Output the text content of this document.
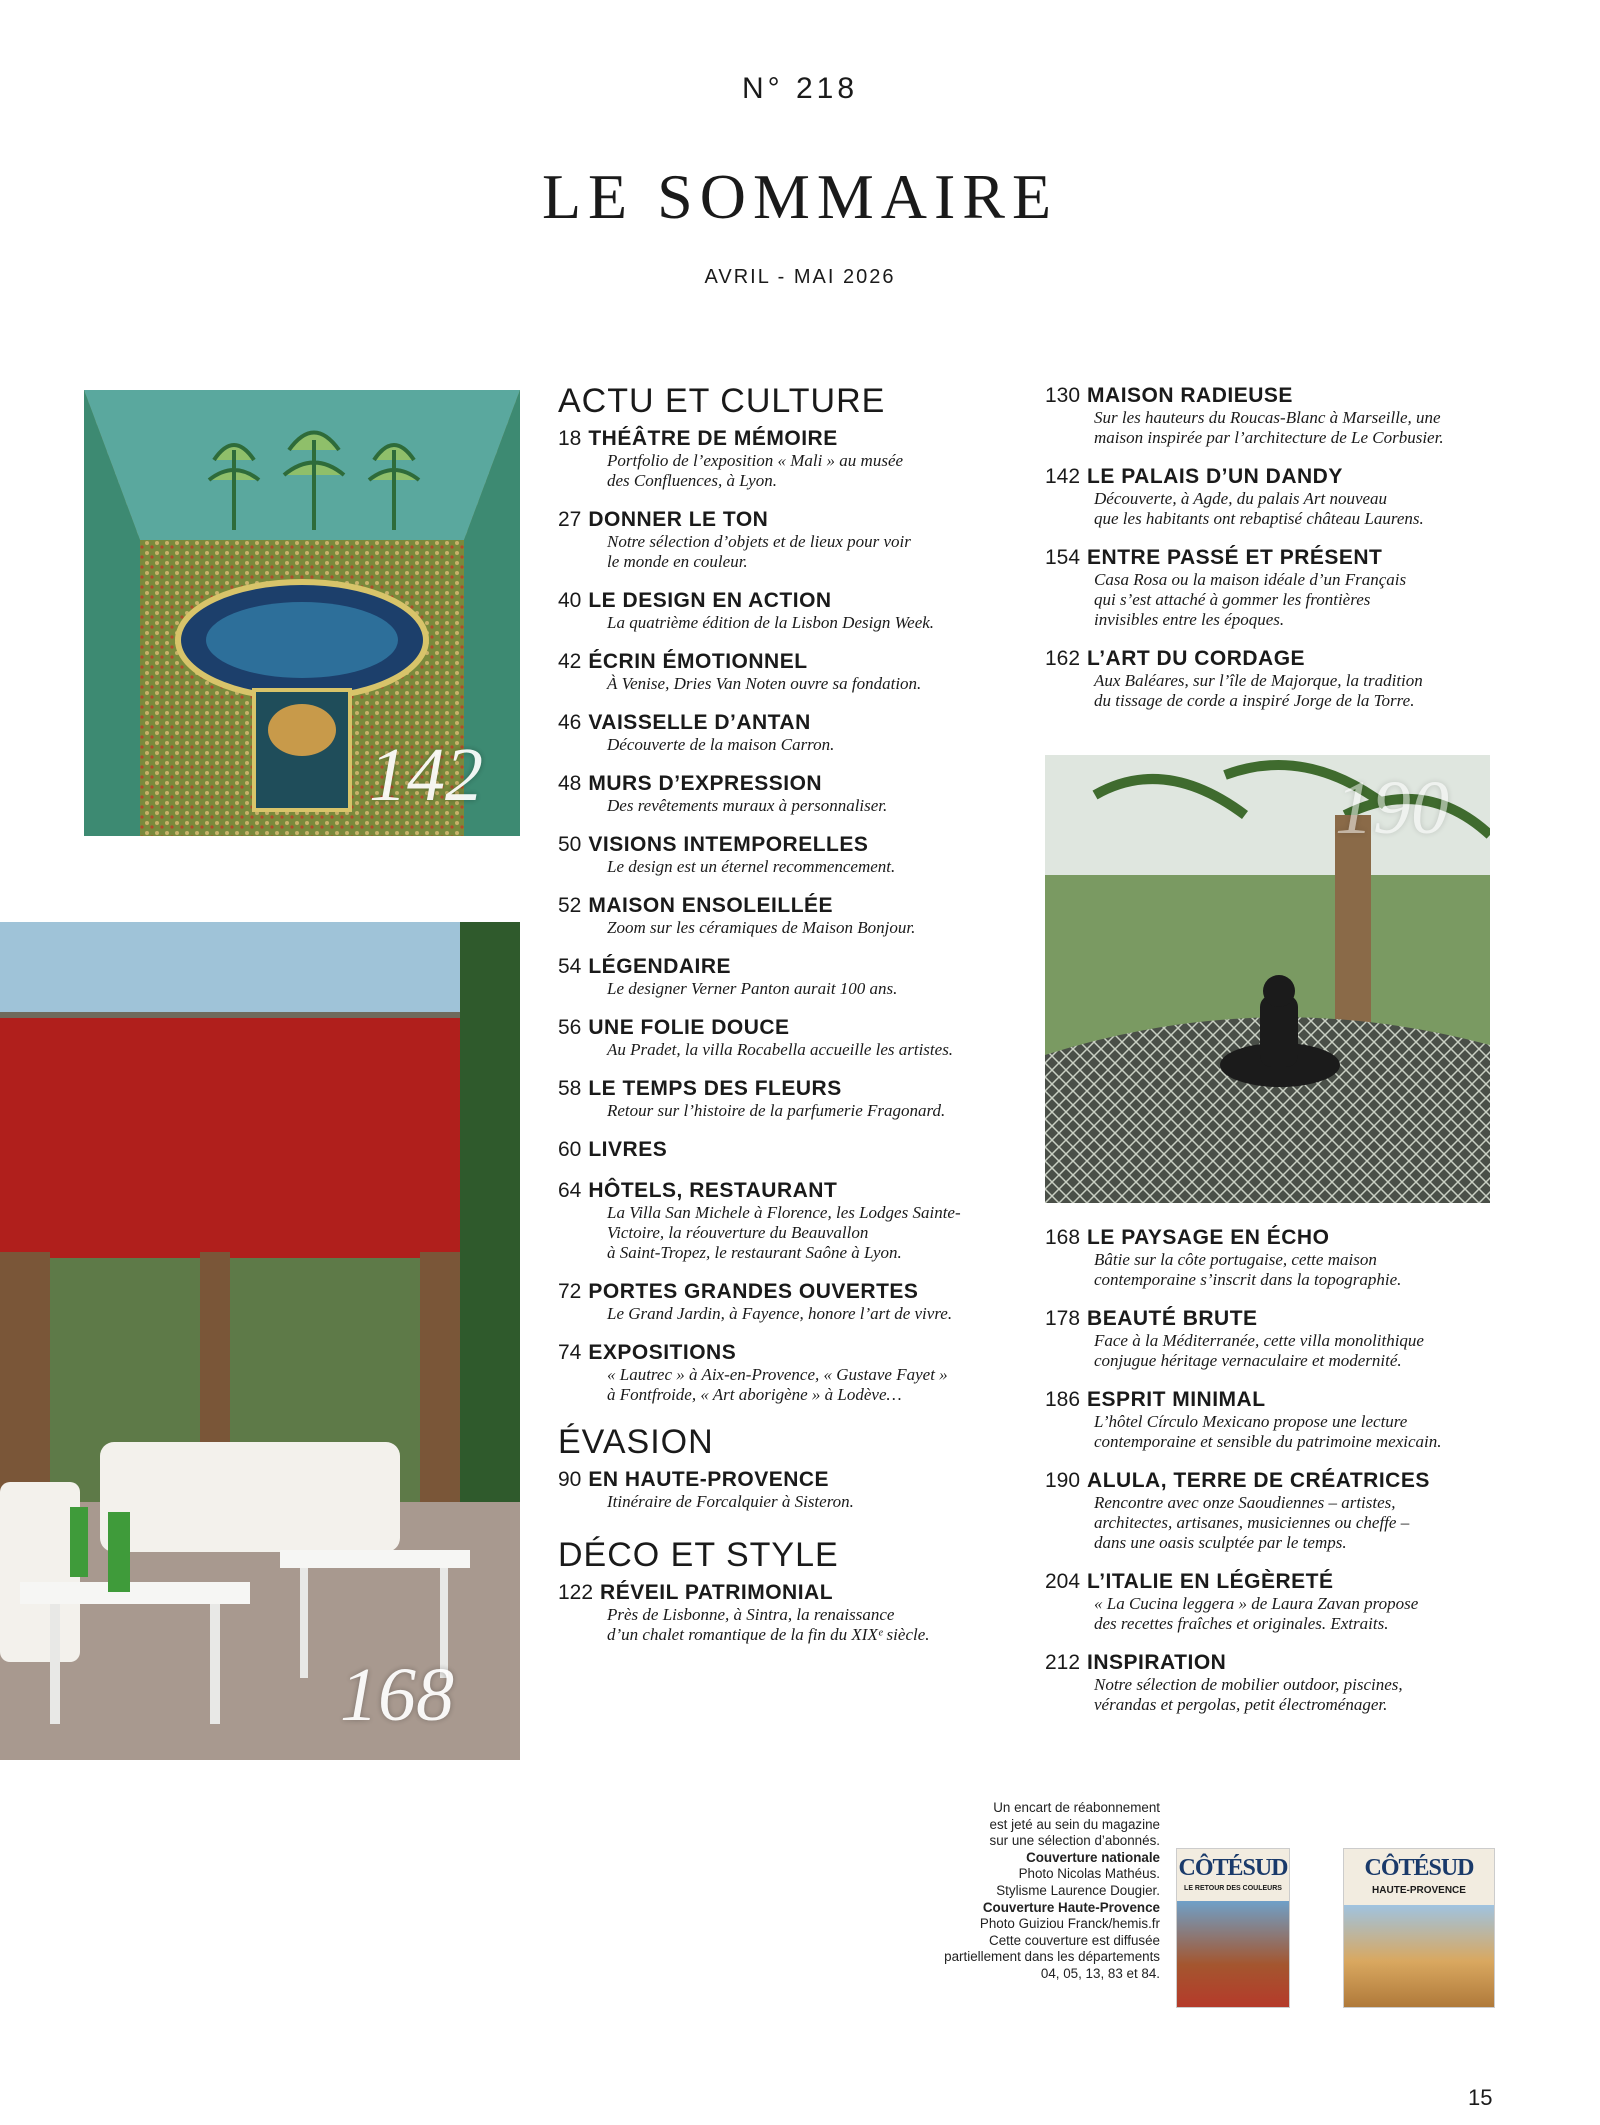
N° 218
LE SOMMAIRE
AVRIL - MAI 2026
142
168
190
ACTU ET CULTURE
18 THÉÂTRE DE MÉMOIRE
Portfolio de l’exposition « Mali » au musée
des Confluences, à Lyon.
27 DONNER LE TON
Notre sélection d’objets et de lieux pour voir
le monde en couleur.
40 LE DESIGN EN ACTION
La quatrième édition de la Lisbon Design Week.
42 ÉCRIN ÉMOTIONNEL
À Venise, Dries Van Noten ouvre sa fondation.
46 VAISSELLE D’ANTAN
Découverte de la maison Carron.
48 MURS D’EXPRESSION
Des revêtements muraux à personnaliser.
50 VISIONS INTEMPORELLES
Le design est un éternel recommencement.
52 MAISON ENSOLEILLÉE
Zoom sur les céramiques de Maison Bonjour.
54 LÉGENDAIRE
Le designer Verner Panton aurait 100 ans.
56 UNE FOLIE DOUCE
Au Pradet, la villa Rocabella accueille les artistes.
58 LE TEMPS DES FLEURS
Retour sur l’histoire de la parfumerie Fragonard.
60 LIVRES
64 HÔTELS, RESTAURANT
La Villa San Michele à Florence, les Lodges Sainte-
Victoire, la réouverture du Beauvallon
à Saint-Tropez, le restaurant Saône à Lyon.
72 PORTES GRANDES OUVERTES
Le Grand Jardin, à Fayence, honore l’art de vivre.
74 EXPOSITIONS
« Lautrec » à Aix-en-Provence, « Gustave Fayet »
à Fontfroide, « Art aborigène » à Lodève…
ÉVASION
90 EN HAUTE-PROVENCE
Itinéraire de Forcalquier à Sisteron.
DÉCO ET STYLE
122 RÉVEIL PATRIMONIAL
Près de Lisbonne, à Sintra, la renaissance
d’un chalet romantique de la fin du XIXᵉ siècle.
130 MAISON RADIEUSE
Sur les hauteurs du Roucas-Blanc à Marseille, une
maison inspirée par l’architecture de Le Corbusier.
142 LE PALAIS D’UN DANDY
Découverte, à Agde, du palais Art nouveau
que les habitants ont rebaptisé château Laurens.
154 ENTRE PASSÉ ET PRÉSENT
Casa Rosa ou la maison idéale d’un Français
qui s’est attaché à gommer les frontières
invisibles entre les époques.
162 L’ART DU CORDAGE
Aux Baléares, sur l’île de Majorque, la tradition
du tissage de corde a inspiré Jorge de la Torre.
168 LE PAYSAGE EN ÉCHO
Bâtie sur la côte portugaise, cette maison
contemporaine s’inscrit dans la topographie.
178 BEAUTÉ BRUTE
Face à la Méditerranée, cette villa monolithique
conjugue héritage vernaculaire et modernité.
186 ESPRIT MINIMAL
L’hôtel Círculo Mexicano propose une lecture
contemporaine et sensible du patrimoine mexicain.
190 ALULA, TERRE DE CRÉATRICES
Rencontre avec onze Saoudiennes – artistes,
architectes, artisanes, musiciennes ou cheffe –
dans une oasis sculptée par le temps.
204 L’ITALIE EN LÉGÈRETÉ
« La Cucina leggera » de Laura Zavan propose
des recettes fraîches et originales. Extraits.
212 INSPIRATION
Notre sélection de mobilier outdoor, piscines,
vérandas et pergolas, petit électroménager.
Un encart de réabonnement
est jeté au sein du magazine
sur une sélection d’abonnés.
Couverture nationale
Photo Nicolas Mathéus.
Stylisme Laurence Dougier.
Couverture Haute-Provence
Photo Guiziou Franck/hemis.fr
Cette couverture est diffusée
partiellement dans les départements
04, 05, 13, 83 et 84.
CÔTÉSUD
LE RETOUR DES COULEURS
CÔTÉSUD
HAUTE-PROVENCE
15
